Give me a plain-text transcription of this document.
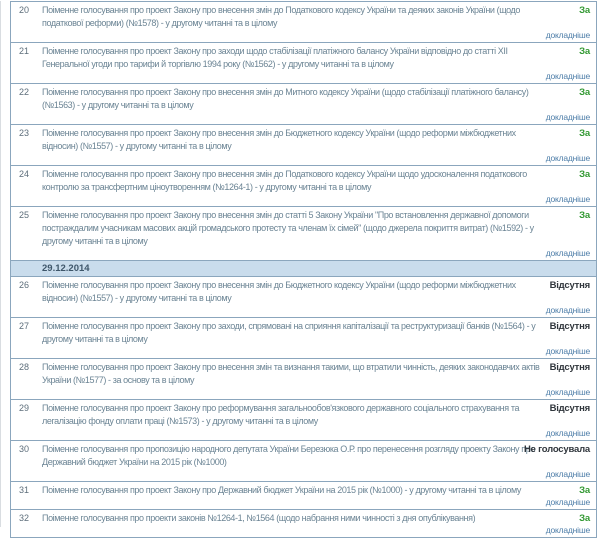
20	Поіменне голосування про проект Закону про внесення змін до Податкового кодексу України та деяких законів України (щодо податкової реформи) (№1578) - у другому читанні та в цілому
докладніше
За
21	Поіменне голосування про проект Закону про заходи щодо стабілізації платіжного балансу України відповідно до статті XII Генеральної угоди про тарифи й торгівлю 1994 року (№1562) - у другому читанні та в цілому
докладніше
За
22	Поіменне голосування про проект Закону про внесення змін до Митного кодексу України (щодо стабілізації платіжного балансу) (№1563) - у другому читанні та в цілому
докладніше
За
23	Поіменне голосування про проект Закону про внесення змін до Бюджетного кодексу України (щодо реформи міжбюджетних відносин) (№1557) - у другому читанні та в цілому
докладніше
За
24	Поіменне голосування про проект Закону про внесення змін до Податкового кодексу України щодо удосконалення податкового контролю за трансфертним ціноутворенням (№1264-1) - у другому читанні та в цілому
докладніше
За
25	Поіменне голосування про проект Закону про внесення змін до статті 5 Закону України "Про встановлення державної допомоги постраждалим учасникам масових акцій громадського протесту та членам їх сімей" (щодо джерела покриття витрат) (№1592) - у другому читанні та в цілому
докладніше
За
29.12.2014
26	Поіменне голосування про проект Закону про внесення змін до Бюджетного кодексу України (щодо реформи міжбюджетних відносин) (№1557) - у другому читанні та в цілому
докладніше
Відсутня
27	Поіменне голосування про проект Закону про заходи, спрямовані на сприяння капіталізації та реструктуризації банків (№1564) - у другому читанні та в цілому
докладніше
Відсутня
28	Поіменне голосування про проект Закону про внесення змін та визнання такими, що втратили чинність, деяких законодавчих актів України (№1577) - за основу та в цілому
докладніше
Відсутня
29	Поіменне голосування про проект Закону про реформування загальнообов'язкового державного соціального страхування та легалізацію фонду оплати праці (№1573) - у другому читанні та в цілому
докладніше
Відсутня
30	Поіменне голосування про пропозицію народного депутата України Березюка О.Р. про перенесення розгляду проекту Закону про Державний бюджет України на 2015 рік (№1000)
докладніше
Не голосувала
31	Поіменне голосування про проект Закону про Державний бюджет України на 2015 рік (№1000) - у другому читанні та в цілому
докладніше
За
32	Поіменне голосування про проекти законів №1264-1, №1564 (щодо набрання ними чинності з дня опублікування)
докладніше
За
